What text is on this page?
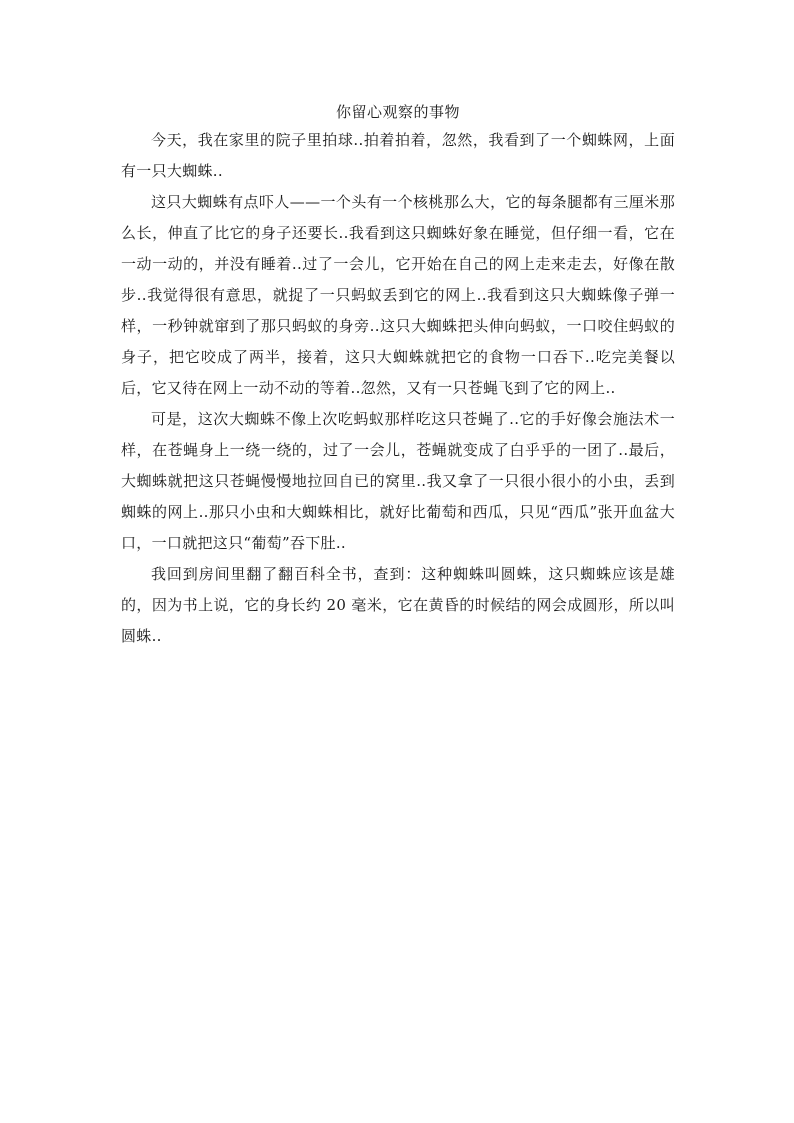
你留心观察的事物

今天，我在家里的院子里拍球..拍着拍着，忽然，我看到了一个蜘蛛网，上面有一只大蜘蛛..

这只大蜘蛛有点吓人——一个头有一个核桃那么大，它的每条腿都有三厘米那么长，伸直了比它的身子还要长..我看到这只蜘蛛好象在睡觉，但仔细一看，它在一动一动的，并没有睡着..过了一会儿，它开始在自己的网上走来走去，好像在散步..我觉得很有意思，就捉了一只蚂蚁丢到它的网上..我看到这只大蜘蛛像子弹一样，一秒钟就窜到了那只蚂蚁的身旁..这只大蜘蛛把头伸向蚂蚁，一口咬住蚂蚁的身子，把它咬成了两半，接着，这只大蜘蛛就把它的食物一口吞下..吃完美餐以后，它又待在网上一动不动的等着..忽然，又有一只苍蝇飞到了它的网上..

可是，这次大蜘蛛不像上次吃蚂蚁那样吃这只苍蝇了..它的手好像会施法术一样，在苍蝇身上一绕一绕的，过了一会儿，苍蝇就变成了白乎乎的一团了..最后，大蜘蛛就把这只苍蝇慢慢地拉回自已的窝里..我又拿了一只很小很小的小虫，丢到蜘蛛的网上..那只小虫和大蜘蛛相比，就好比葡萄和西瓜，只见“西瓜”张开血盆大口，一口就把这只“葡萄”吞下肚..

我回到房间里翻了翻百科全书，查到：这种蜘蛛叫圆蛛，这只蜘蛛应该是雄的，因为书上说，它的身长约 20 毫米，它在黄昏的时候结的网会成圆形，所以叫圆蛛..
